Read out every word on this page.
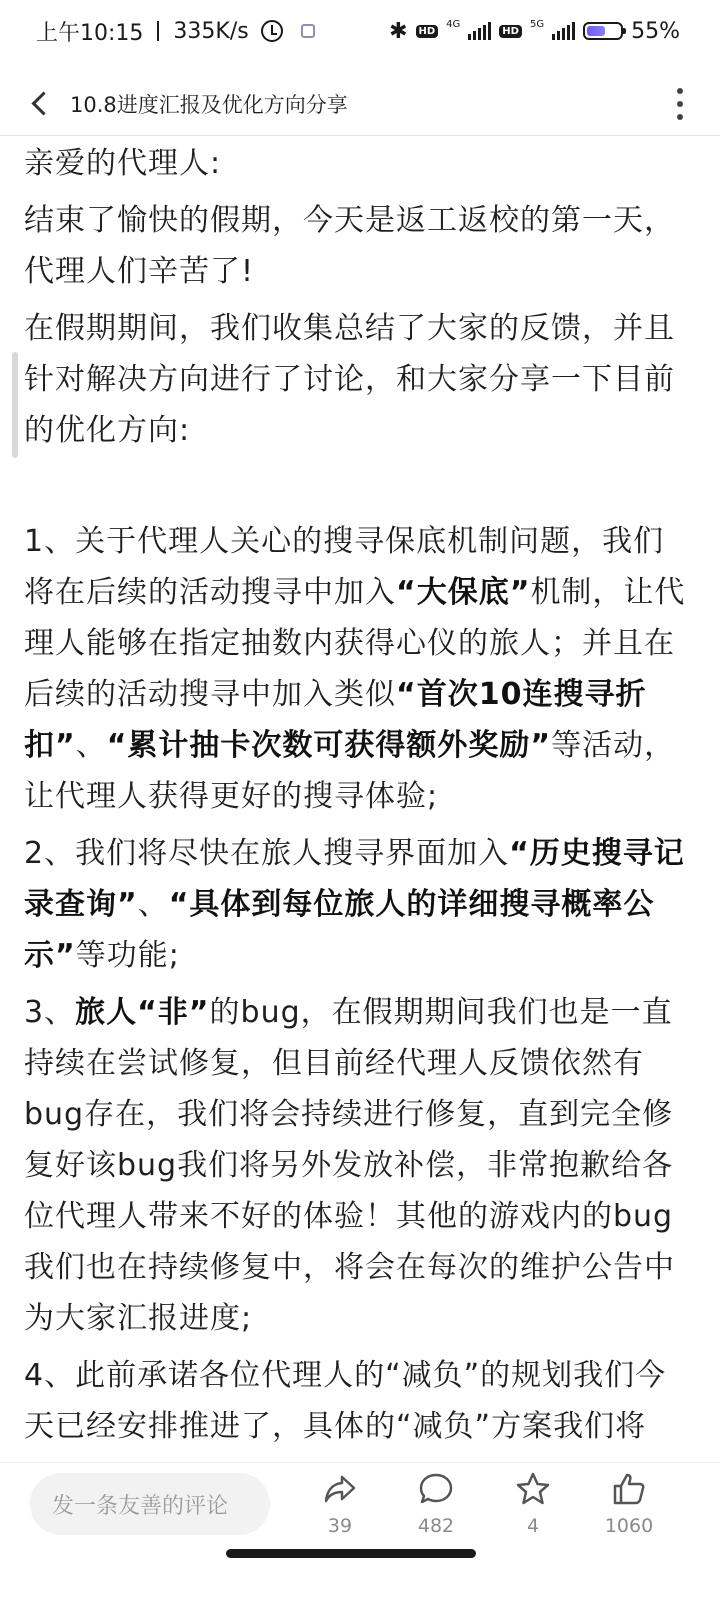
上午10:15 335K/s	✱	HD
4G
HD
5G	55%
10.8进度汇报及优化方向分享

亲爱的代理人:

结束了愉快的假期，今天是返工返校的第一天，代理人们辛苦了!

在假期期间，我们收集总结了大家的反馈，并且针对解决方向进行了讨论，和大家分享一下目前的优化方向:

1、关于代理人关心的搜寻保底机制问题，我们将在后续的活动搜寻中加入“大保底”机制，让代理人能够在指定抽数内获得心仪的旅人；并且在后续的活动搜寻中加入类似“首次10连搜寻折扣”、“累计抽卡次数可获得额外奖励”等活动，让代理人获得更好的搜寻体验;

2、我们将尽快在旅人搜寻界面加入“历史搜寻记录查询”、“具体到每位旅人的详细搜寻概率公示”等功能;

3、旅人“非”的bug，在假期期间我们也是一直持续在尝试修复，但目前经代理人反馈依然有bug存在，我们将会持续进行修复，直到完全修复好该bug我们将另外发放补偿，非常抱歉给各位代理人带来不好的体验！其他的游戏内的bug我们也在持续修复中，将会在每次的维护公告中为大家汇报进度;

4、此前承诺各位代理人的“减负”的规划我们今天已经安排推进了，具体的“减负”方案我们将

发一条友善的评论
39	482	4	1060
